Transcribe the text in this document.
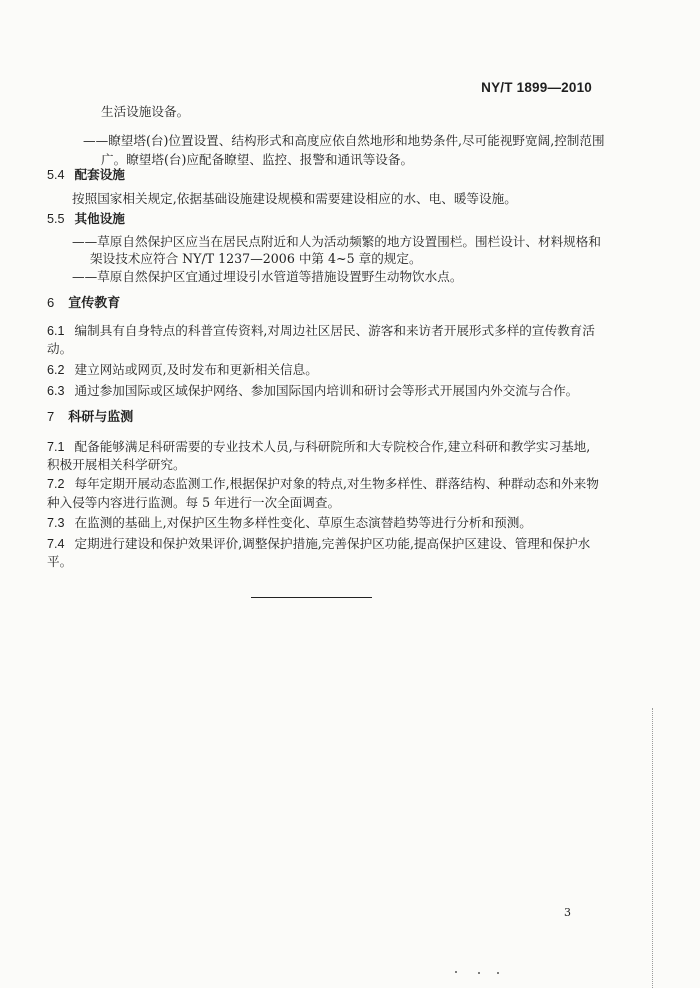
NY/T 1899—2010
生活设施设备。
——瞭望塔(台)位置设置、结构形式和高度应依自然地形和地势条件,尽可能视野宽阔,控制范围
广。瞭望塔(台)应配备瞭望、监控、报警和通讯等设备。
5.4 配套设施
按照国家相关规定,依据基础设施建设规模和需要建设相应的水、电、暖等设施。
5.5 其他设施
——草原自然保护区应当在居民点附近和人为活动频繁的地方设置围栏。围栏设计、材料规格和
架设技术应符合 NY/T 1237—2006 中第 4~5 章的规定。
——草原自然保护区宜通过埋设引水管道等措施设置野生动物饮水点。
6 宣传教育
6.1 编制具有自身特点的科普宣传资料,对周边社区居民、游客和来访者开展形式多样的宣传教育活
动。
6.2 建立网站或网页,及时发布和更新相关信息。
6.3 通过参加国际或区域保护网络、参加国际国内培训和研讨会等形式开展国内外交流与合作。
7 科研与监测
7.1 配备能够满足科研需要的专业技术人员,与科研院所和大专院校合作,建立科研和教学实习基地,
积极开展相关科学研究。
7.2 每年定期开展动态监测工作,根据保护对象的特点,对生物多样性、群落结构、种群动态和外来物
种入侵等内容进行监测。每 5 年进行一次全面调查。
7.3 在监测的基础上,对保护区生物多样性变化、草原生态演替趋势等进行分析和预测。
7.4 定期进行建设和保护效果评价,调整保护措施,完善保护区功能,提高保护区建设、管理和保护水
平。
3
